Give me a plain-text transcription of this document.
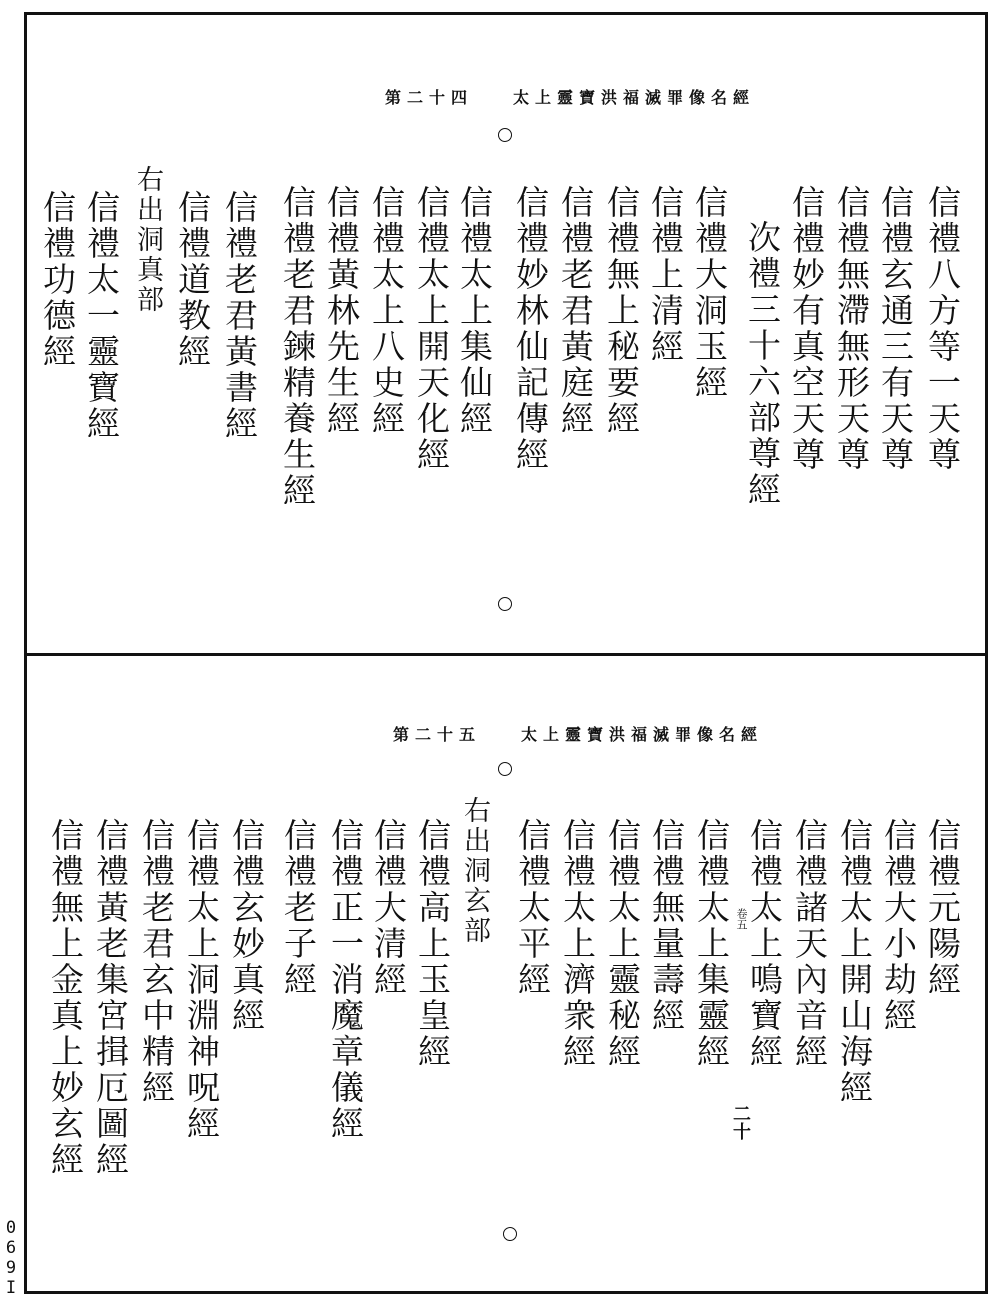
0
6
9
I
第二十四	太上靈寶洪福滅罪像名經
信禮八方等一天尊
信禮玄通三有天尊
信禮無滯無形天尊
信禮妙有真空天尊
次禮三十六部尊經
信禮大洞玉經
信禮上清經
信禮無上秘要經
信禮老君黃庭經
信禮妙林仙記傳經
信禮太上集仙經
信禮太上開天化經
信禮太上八史經
信禮黃林先生經
信禮老君鍊精養生經
信禮老君黃書經
信禮道教經
右出洞真部
信禮太一靈寶經
信禮功德經
第二十五	太上靈寶洪福滅罪像名經
信禮元陽經
信禮大小劫經
信禮太上開山海經
信禮諸天內音經
信禮太上鳴寶經
信禮太上集靈經
信禮無量壽經
信禮太上靈秘經
信禮太上濟衆經
信禮太平經
右出洞玄部
信禮高上玉皇經
信禮大清經
信禮正一消魔章儀經
信禮老子經
信禮玄妙真經
信禮太上洞淵神呪經
信禮老君玄中精經
信禮黃老集宮揖厄圖經
信禮無上金真上妙玄經	卷五
二十
